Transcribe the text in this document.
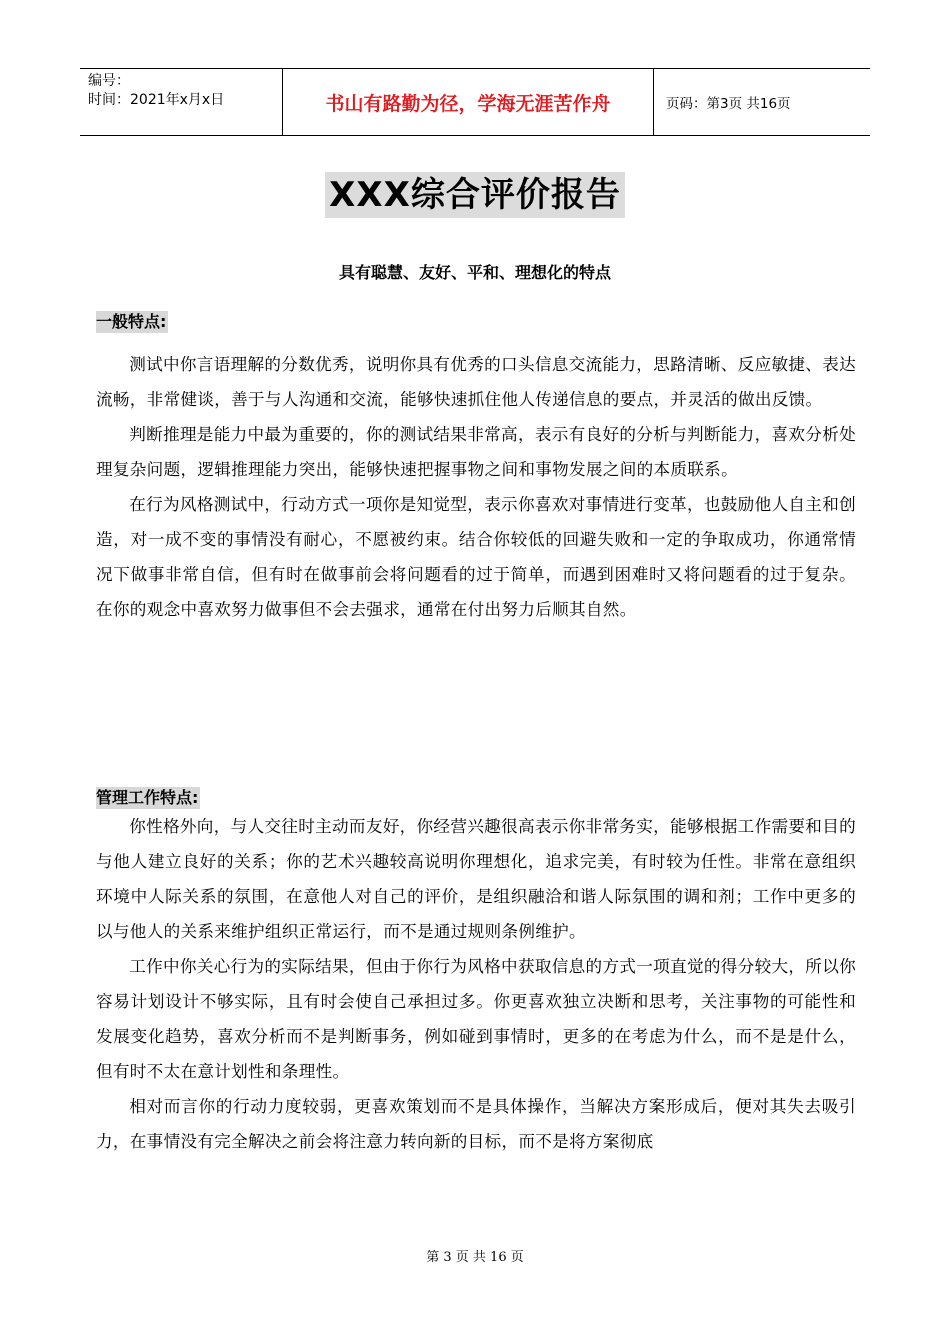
编号：
时间：2021年x月x日	书山有路勤为径，学海无涯苦作舟	页码：第3页 共16页
XXX综合评价报告
具有聪慧、友好、平和、理想化的特点
一般特点:

测试中你言语理解的分数优秀，说明你具有优秀的口头信息交流能力，思路清晰、反应敏捷、表达流畅，非常健谈，善于与人沟通和交流，能够快速抓住他人传递信息的要点，并灵活的做出反馈。

判断推理是能力中最为重要的，你的测试结果非常高，表示有良好的分析与判断能力，喜欢分析处理复杂问题，逻辑推理能力突出，能够快速把握事物之间和事物发展之间的本质联系。

在行为风格测试中，行动方式一项你是知觉型，表示你喜欢对事情进行变革，也鼓励他人自主和创造，对一成不变的事情没有耐心，不愿被约束。结合你较低的回避失败和一定的争取成功，你通常情况下做事非常自信，但有时在做事前会将问题看的过于简单，而遇到困难时又将问题看的过于复杂。在你的观念中喜欢努力做事但不会去强求，通常在付出努力后顺其自然。

管理工作特点:

你性格外向，与人交往时主动而友好，你经营兴趣很高表示你非常务实，能够根据工作需要和目的与他人建立良好的关系；你的艺术兴趣较高说明你理想化，追求完美，有时较为任性。非常在意组织环境中人际关系的氛围，在意他人对自己的评价，是组织融洽和谐人际氛围的调和剂；工作中更多的以与他人的关系来维护组织正常运行，而不是通过规则条例维护。

工作中你关心行为的实际结果，但由于你行为风格中获取信息的方式一项直觉的得分较大，所以你容易计划设计不够实际，且有时会使自己承担过多。你更喜欢独立决断和思考，关注事物的可能性和发展变化趋势，喜欢分析而不是判断事务，例如碰到事情时，更多的在考虑为什么，而不是是什么，但有时不太在意计划性和条理性。

相对而言你的行动力度较弱，更喜欢策划而不是具体操作，当解决方案形成后，便对其失去吸引力，在事情没有完全解决之前会将注意力转向新的目标，而不是将方案彻底

第 3 页 共 16 页
